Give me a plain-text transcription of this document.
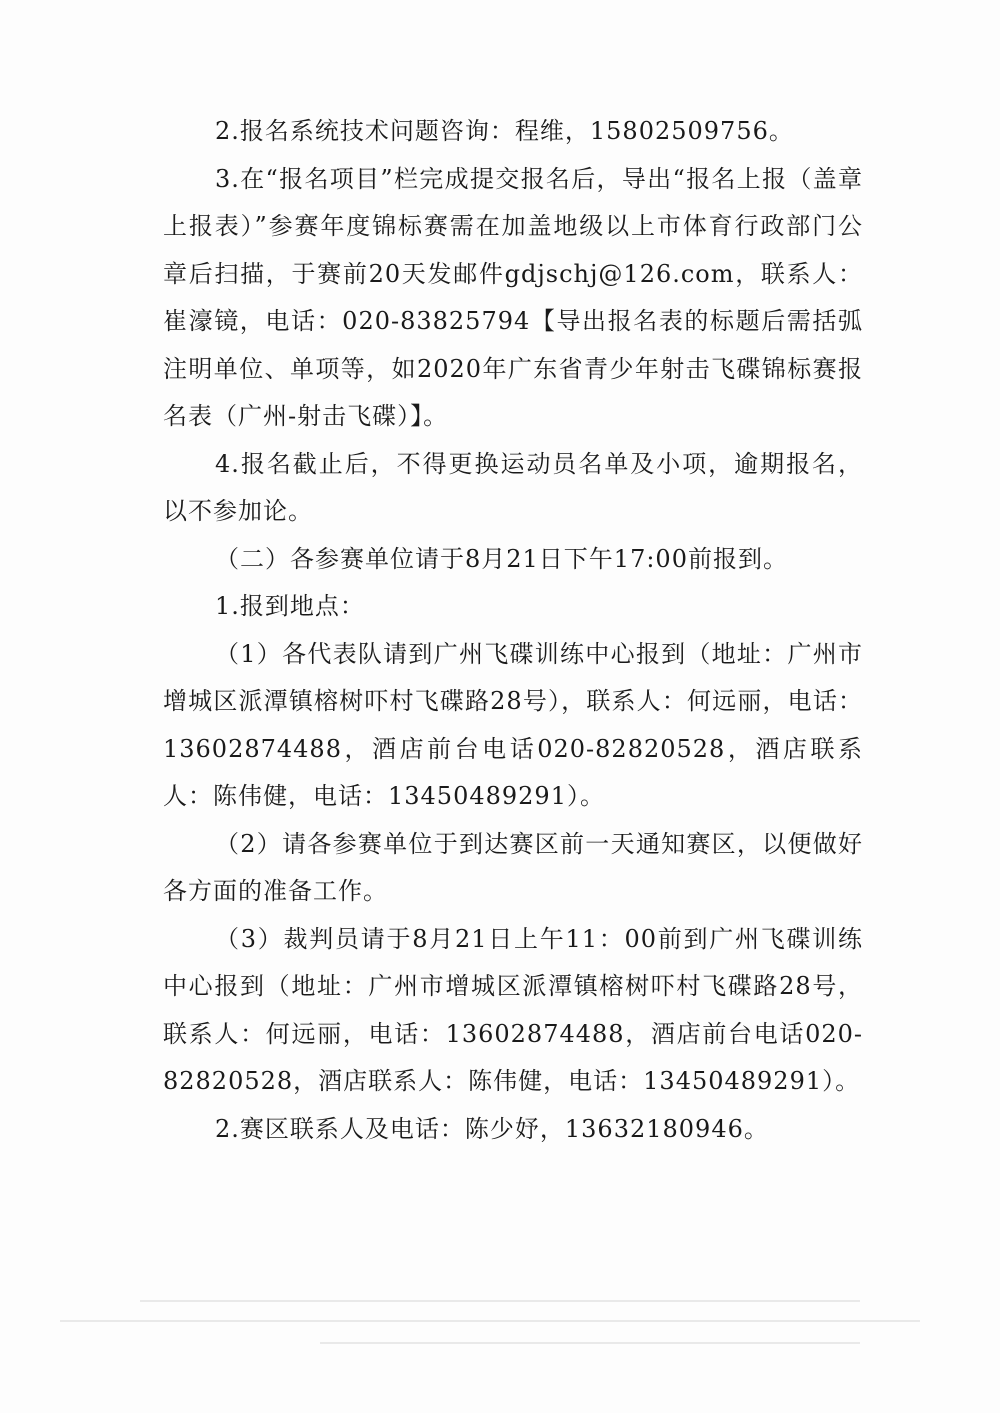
2.报名系统技术问题咨询：程维，15802509756。

3.在“报名项目”栏完成提交报名后，导出“报名上报（盖章上报表）”参赛年度锦标赛需在加盖地级以上市体育行政部门公章后扫描，于赛前20天发邮件gdjschj@126.com，联系人：崔濠镜，电话：020-83825794【导出报名表的标题后需括弧注明单位、单项等，如2020年广东省青少年射击飞碟锦标赛报名表（广州-射击飞碟）】。

4.报名截止后，不得更换运动员名单及小项，逾期报名，以不参加论。

（二）各参赛单位请于8月21日下午17:00前报到。

1.报到地点：

（1）各代表队请到广州飞碟训练中心报到（地址：广州市增城区派潭镇榕树吓村飞碟路28号），联系人：何远丽，电话：13602874488，酒店前台电话020-82820528，酒店联系人：陈伟健，电话：13450489291）。

（2）请各参赛单位于到达赛区前一天通知赛区，以便做好各方面的准备工作。

（3）裁判员请于8月21日上午11：00前到广州飞碟训练中心报到（地址：广州市增城区派潭镇榕树吓村飞碟路28号，联系人：何远丽，电话：13602874488，酒店前台电话020-82820528，酒店联系人：陈伟健，电话：13450489291）。

2.赛区联系人及电话：陈少妤，13632180946。
